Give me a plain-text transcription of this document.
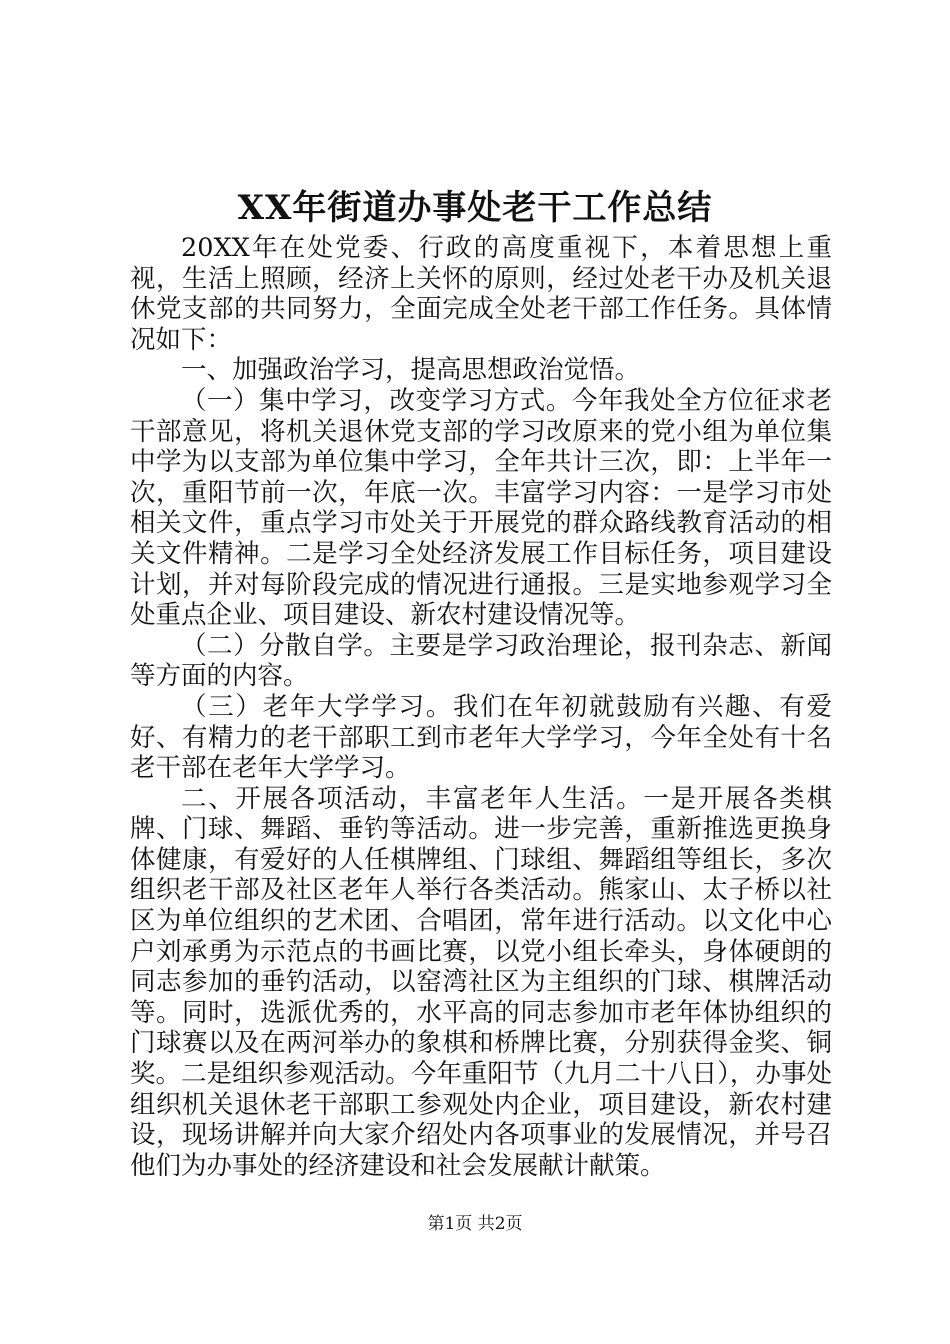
XX年街道办事处老干工作总结

20XX年在处党委、行政的高度重视下，本着思想上重视，生活上照顾，经济上关怀的原则，经过处老干办及机关退休党支部的共同努力，全面完成全处老干部工作任务。具体情况如下：

一、加强政治学习，提高思想政治觉悟。

（一）集中学习，改变学习方式。今年我处全方位征求老干部意见，将机关退休党支部的学习改原来的党小组为单位集中学为以支部为单位集中学习，全年共计三次，即：上半年一次，重阳节前一次，年底一次。丰富学习内容：一是学习市处相关文件，重点学习市处关于开展党的群众路线教育活动的相关文件精神。二是学习全处经济发展工作目标任务，项目建设计划，并对每阶段完成的情况进行通报。三是实地参观学习全处重点企业、项目建设、新农村建设情况等。

（二）分散自学。主要是学习政治理论，报刊杂志、新闻等方面的内容。

（三）老年大学学习。我们在年初就鼓励有兴趣、有爱好、有精力的老干部职工到市老年大学学习，今年全处有十名老干部在老年大学学习。

二、开展各项活动，丰富老年人生活。一是开展各类棋牌、门球、舞蹈、垂钓等活动。进一步完善，重新推选更换身体健康，有爱好的人任棋牌组、门球组、舞蹈组等组长，多次组织老干部及社区老年人举行各类活动。熊家山、太子桥以社区为单位组织的艺术团、合唱团，常年进行活动。以文化中心户刘承勇为示范点的书画比赛，以党小组长牵头，身体硬朗的同志参加的垂钓活动，以窑湾社区为主组织的门球、棋牌活动等。同时，选派优秀的，水平高的同志参加市老年体协组织的门球赛以及在两河举办的象棋和桥牌比赛，分别获得金奖、铜奖。二是组织参观活动。今年重阳节（九月二十八日），办事处组织机关退休老干部职工参观处内企业，项目建设，新农村建设，现场讲解并向大家介绍处内各项事业的发展情况，并号召他们为办事处的经济建设和社会发展献计献策。

第1页 共2页
